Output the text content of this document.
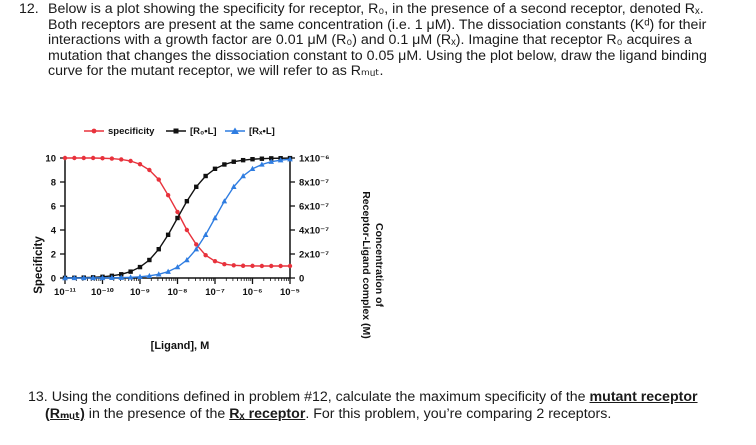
12. Below is a plot showing the specificity for receptor, R₀, in the presence of a second receptor, denoted Rₓ.
Both receptors are present at the same concentration (i.e. 1 μM). The dissociation constants (Kᵈ) for their
interactions with a growth factor are 0.01 μM (R₀) and 0.1 μM (Rₓ). Imagine that receptor R₀ acquires a
mutation that changes the dissociation constant to 0.05 μM. Using the plot below, draw the ligand binding
curve for the mutant receptor, we will refer to as Rₘᵤₜ.
specificity	[R₀•L]	[Rₓ•L]
0
2
4
6
8
10
0
2x10⁻⁷
4x10⁻⁷
6x10⁻⁷
8x10⁻⁷
1x10⁻⁶
10⁻¹¹ 10⁻¹⁰ 10⁻⁹ 10⁻⁸ 10⁻⁷ 10⁻⁶ 10⁻⁵
[Ligand], M
Specificity	Concentration of
Receptor-Ligand complex (M)
13. Using the conditions defined in problem #12, calculate the maximum specificity of the mutant receptor
(Rₘᵤₜ) in the presence of the Rₓ receptor. For this problem, you’re comparing 2 receptors.
